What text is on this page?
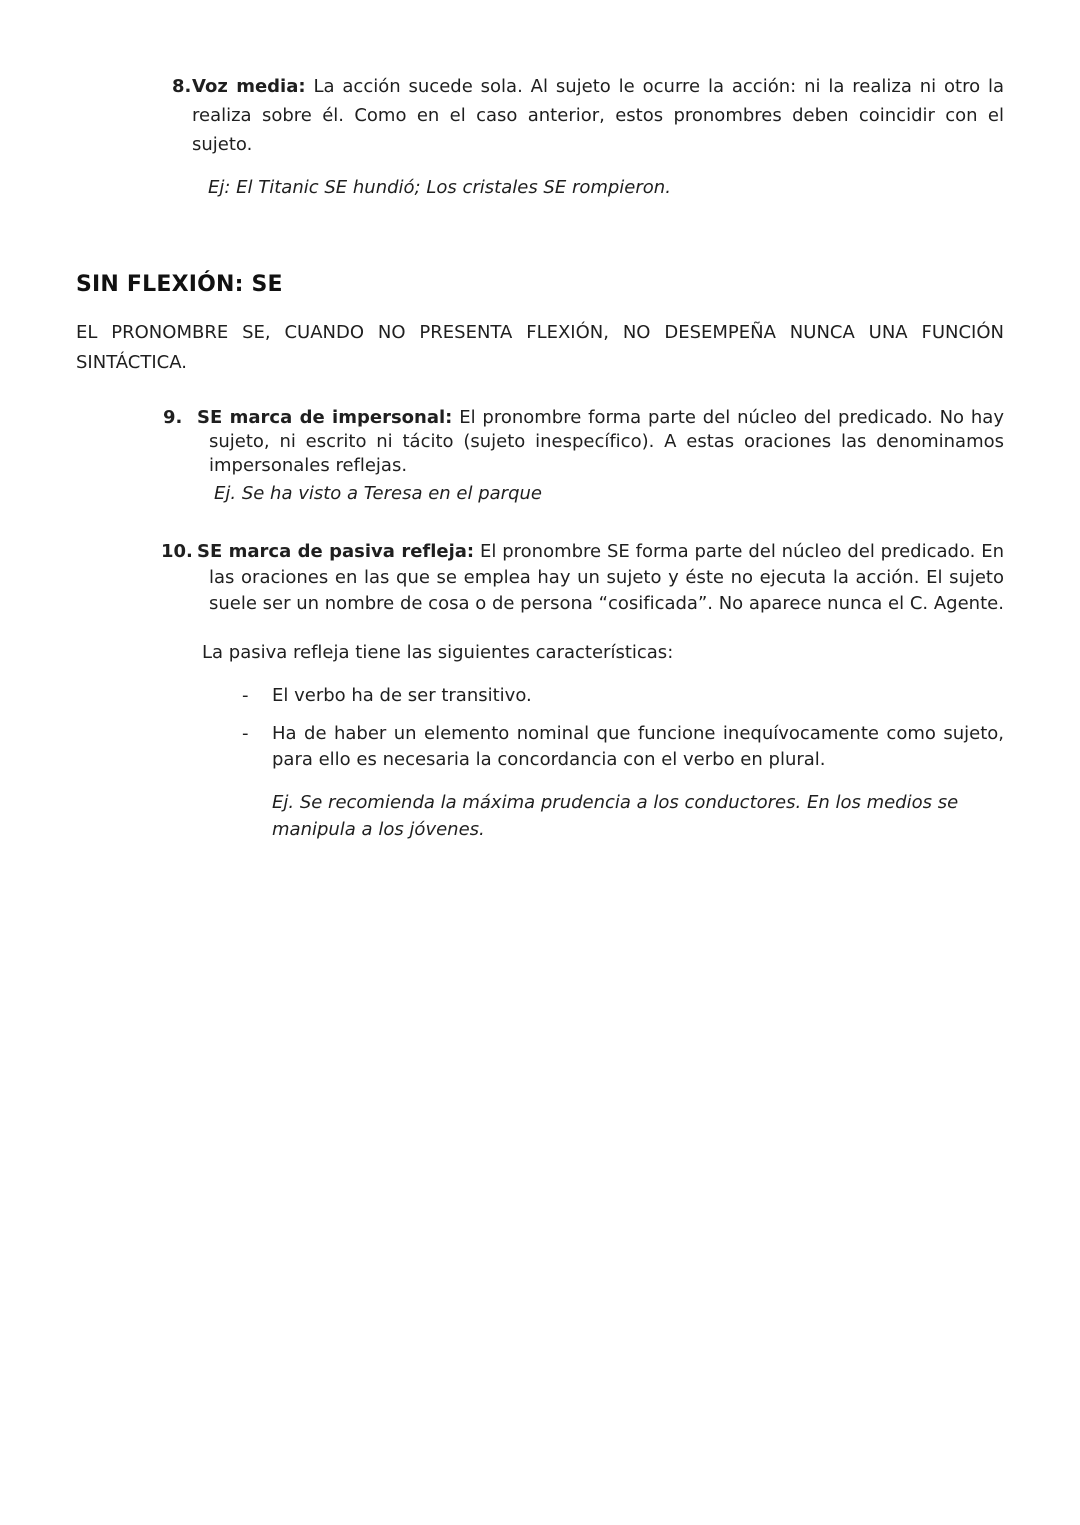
8. Voz media: La acción sucede sola. Al sujeto le ocurre la acción: ni la realiza ni otro la realiza sobre él. Como en el caso anterior, estos pronombres deben coincidir con el sujeto.

Ej: El Titanic SE hundió; Los cristales SE rompieron.

SIN FLEXIÓN: SE

EL PRONOMBRE SE, CUANDO NO PRESENTA FLEXIÓN, NO DESEMPEÑA NUNCA UNA FUNCIÓN SINTÁCTICA.

9. SE marca de impersonal: El pronombre forma parte del núcleo del predicado. No hay sujeto, ni escrito ni tácito (sujeto inespecífico). A estas oraciones las denominamos impersonales reflejas.

Ej. Se ha visto a Teresa en el parque

10. SE marca de pasiva refleja: El pronombre SE forma parte del núcleo del predicado. En las oraciones en las que se emplea hay un sujeto y éste no ejecuta la acción. El sujeto suele ser un nombre de cosa o de persona “cosificada”. No aparece nunca el C. Agente.

La pasiva refleja tiene las siguientes características:

- El verbo ha de ser transitivo.

- Ha de haber un elemento nominal que funcione inequívocamente como sujeto, para ello es necesaria la concordancia con el verbo en plural.

Ej. Se recomienda la máxima prudencia a los conductores. En los medios se manipula a los jóvenes.
